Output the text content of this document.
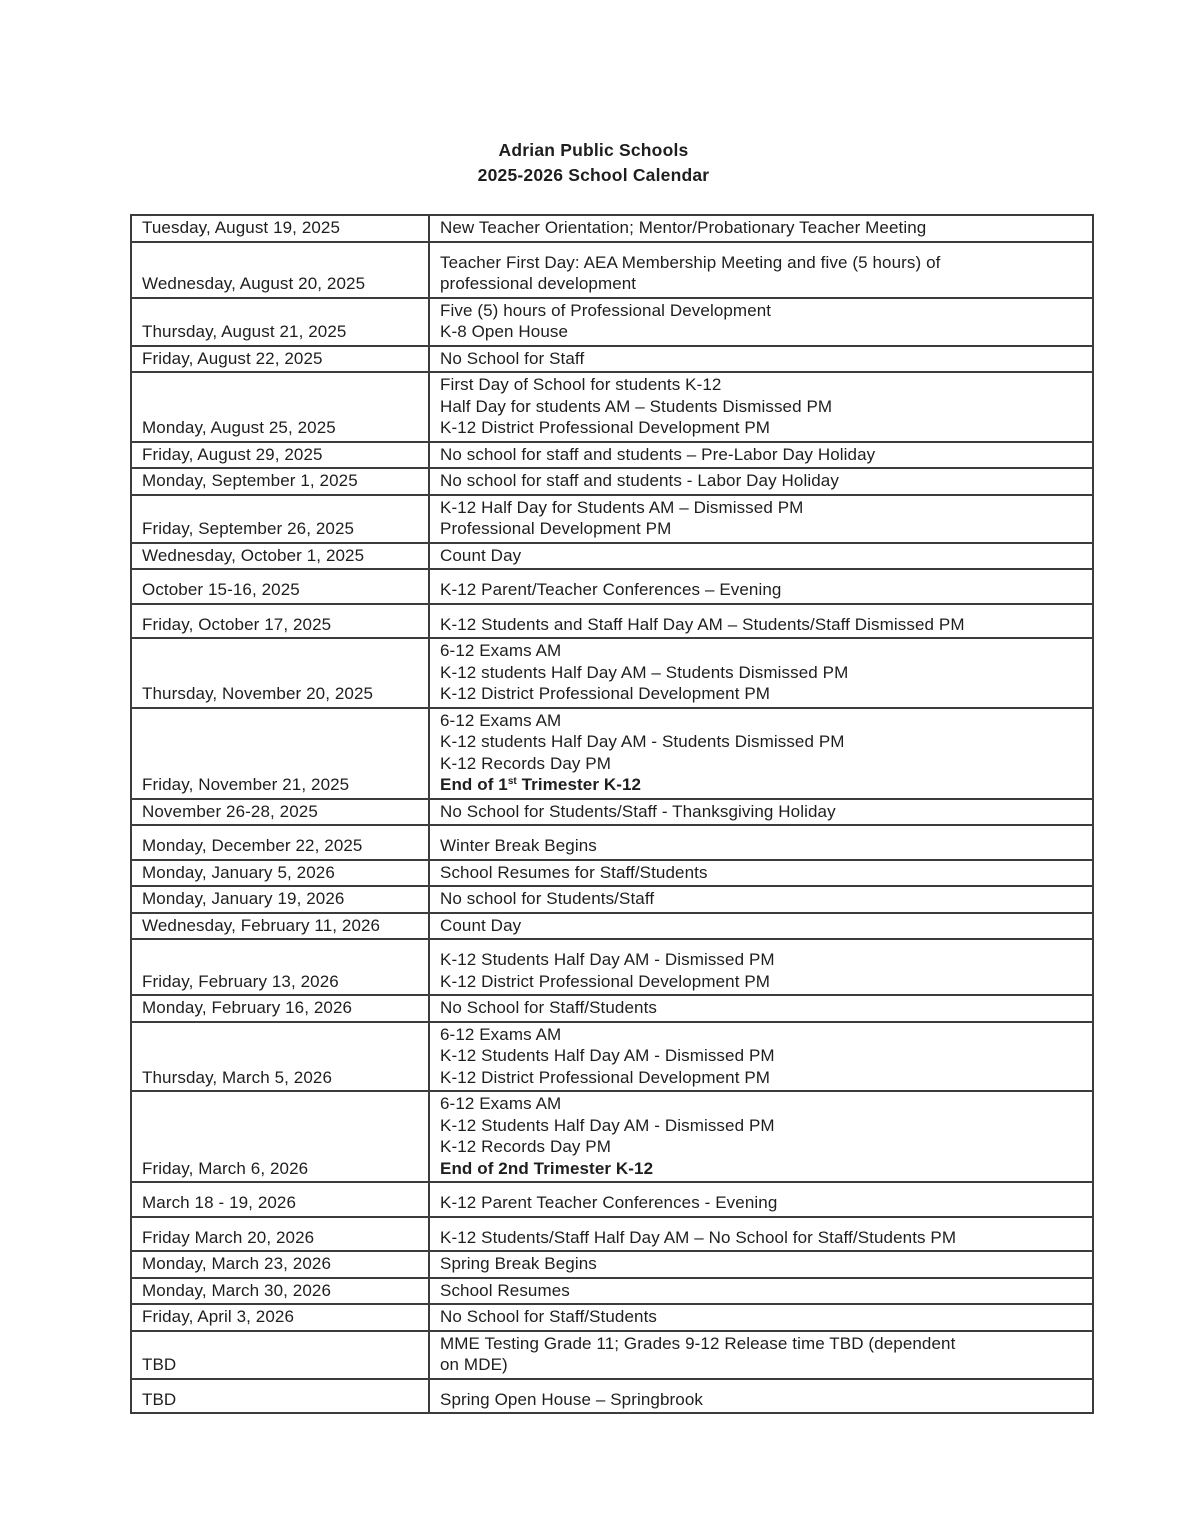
Adrian Public Schools
2025-2026 School Calendar
Tuesday, August 19, 2025	New Teacher Orientation; Mentor/Probationary Teacher Meeting

Wednesday, August 20, 2025	Teacher First Day: AEA Membership Meeting and five (5 hours) of
professional development

Thursday, August 21, 2025	Five (5) hours of Professional Development
K-8 Open House

Friday, August 22, 2025	No School for Staff

Monday, August 25, 2025	First Day of School for students K-12
Half Day for students AM – Students Dismissed PM
K-12 District Professional Development PM

Friday, August 29, 2025	No school for staff and students – Pre-Labor Day Holiday

Monday, September 1, 2025	No school for staff and students - Labor Day Holiday

Friday, September 26, 2025	K-12 Half Day for Students AM – Dismissed PM
Professional Development PM

Wednesday, October 1, 2025	Count Day

October 15-16, 2025	K-12 Parent/Teacher Conferences – Evening

Friday, October 17, 2025	K-12 Students and Staff Half Day AM – Students/Staff Dismissed PM

Thursday, November 20, 2025	6-12 Exams AM
K-12 students Half Day AM – Students Dismissed PM
K-12 District Professional Development PM

Friday, November 21, 2025	6-12 Exams AM
K-12 students Half Day AM - Students Dismissed PM
K-12 Records Day PM
End of 1st Trimester K-12

November 26-28, 2025	No School for Students/Staff - Thanksgiving Holiday

Monday, December 22, 2025	Winter Break Begins

Monday, January 5, 2026	School Resumes for Staff/Students

Monday, January 19, 2026	No school for Students/Staff

Wednesday, February 11, 2026	Count Day

Friday, February 13, 2026	K-12 Students Half Day AM - Dismissed PM
K-12 District Professional Development PM

Monday, February 16, 2026	No School for Staff/Students

Thursday, March 5, 2026	6-12 Exams AM
K-12 Students Half Day AM - Dismissed PM
K-12 District Professional Development PM

Friday, March 6, 2026	6-12 Exams AM
K-12 Students Half Day AM - Dismissed PM
K-12 Records Day PM
End of 2nd Trimester K-12

March 18 - 19, 2026	K-12 Parent Teacher Conferences - Evening

Friday March 20, 2026	K-12 Students/Staff Half Day AM – No School for Staff/Students PM

Monday, March 23, 2026	Spring Break Begins

Monday, March 30, 2026	School Resumes

Friday, April 3, 2026	No School for Staff/Students

TBD	MME Testing Grade 11; Grades 9-12 Release time TBD (dependent
on MDE)

TBD	Spring Open House – Springbrook
